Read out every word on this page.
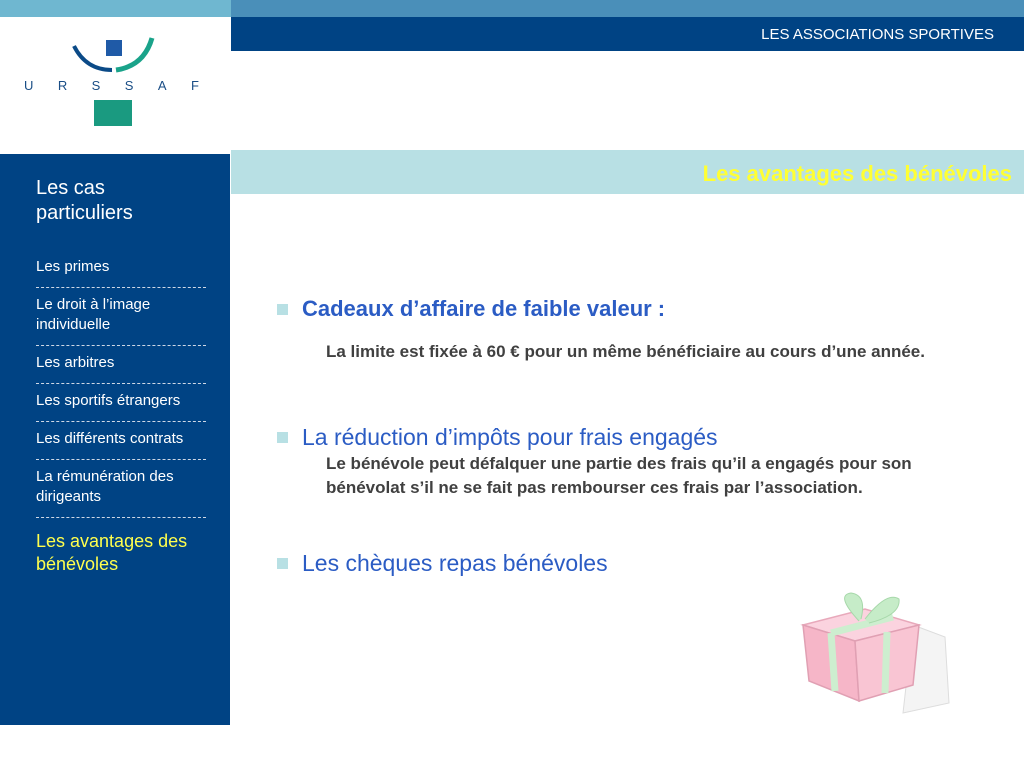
LES ASSOCIATIONS SPORTIVES
U R S S A F
Les avantages des bénévoles
Les cas particuliers
Les primes
Le droit à l’image individuelle
Les arbitres
Les sportifs étrangers
Les différents contrats
La rémunération des dirigeants
Les avantages des bénévoles
Cadeaux d’affaire de faible valeur :
La limite est fixée à 60 € pour un même bénéficiaire au cours d’une année.
La réduction d’impôts pour frais engagés
Le bénévole peut défalquer une partie des frais qu’il a engagés pour son bénévolat s’il ne se fait pas rembourser ces frais par l’association.
Les chèques repas bénévoles
